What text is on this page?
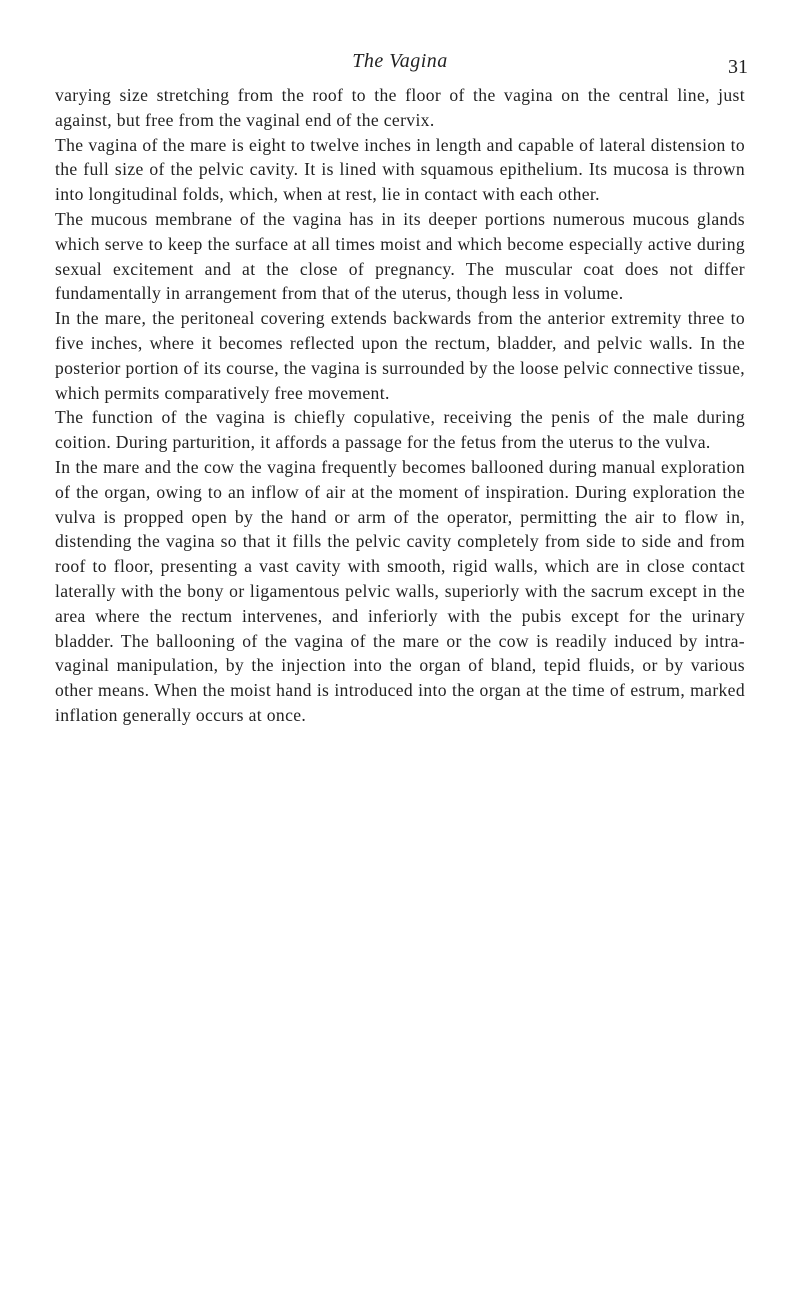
The Vagina	31

varying size stretching from the roof to the floor of the vagina on the central line, just against, but free from the vaginal end of the cervix.

The vagina of the mare is eight to twelve inches in length and capable of lateral distension to the full size of the pelvic cavity. It is lined with squamous epithelium. Its mucosa is thrown into longitudinal folds, which, when at rest, lie in contact with each other.

The mucous membrane of the vagina has in its deeper portions numerous mucous glands which serve to keep the surface at all times moist and which become especially active during sexual excitement and at the close of pregnancy. The muscular coat does not differ fundamentally in arrangement from that of the uterus, though less in volume.

In the mare, the peritoneal covering extends backwards from the anterior extremity three to five inches, where it becomes reflected upon the rectum, bladder, and pelvic walls. In the posterior portion of its course, the vagina is surrounded by the loose pelvic connective tissue, which permits comparatively free movement.

The function of the vagina is chiefly copulative, receiving the penis of the male during coition. During parturition, it affords a passage for the fetus from the uterus to the vulva.

In the mare and the cow the vagina frequently becomes ballooned during manual exploration of the organ, owing to an inflow of air at the moment of inspiration. During exploration the vulva is propped open by the hand or arm of the operator, permitting the air to flow in, distending the vagina so that it fills the pelvic cavity completely from side to side and from roof to floor, presenting a vast cavity with smooth, rigid walls, which are in close contact laterally with the bony or ligamentous pelvic walls, superiorly with the sacrum except in the area where the rectum intervenes, and inferiorly with the pubis except for the urinary bladder. The ballooning of the vagina of the mare or the cow is readily induced by intra-vaginal manipulation, by the injection into the organ of bland, tepid fluids, or by various other means. When the moist hand is introduced into the organ at the time of estrum, marked inflation generally occurs at once.
